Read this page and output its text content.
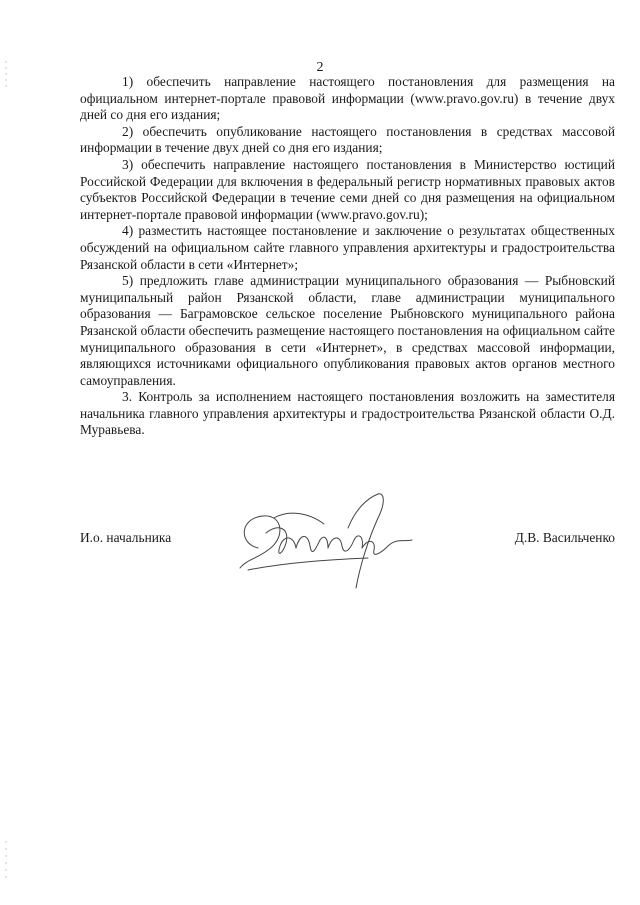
2

1) обеспечить направление настоящего постановления для размещения на официальном интернет-портале правовой информации (www.pravo.gov.ru) в течение двух дней со дня его издания;

2) обеспечить опубликование настоящего постановления в средствах массовой информации в течение двух дней со дня его издания;

3) обеспечить направление настоящего постановления в Министерство юстиций Российской Федерации для включения в федеральный регистр нормативных правовых актов субъектов Российской Федерации в течение семи дней со дня размещения на официальном интернет-портале правовой информации (www.pravo.gov.ru);

4) разместить настоящее постановление и заключение о результатах общественных обсуждений на официальном сайте главного управления архитектуры и градостроительства Рязанской области в сети «Интернет»;

5) предложить главе администрации муниципального образования — Рыбновский муниципальный район Рязанской области, главе администрации муниципального образования — Баграмовское сельское поселение Рыбновского муниципального района Рязанской области обеспечить размещение настоящего постановления на официальном сайте муниципального образования в сети «Интернет», в средствах массовой информации, являющихся источниками официального опубликования правовых актов органов местного самоуправления.

3. Контроль за исполнением настоящего постановления возложить на заместителя начальника главного управления архитектуры и градостроительства Рязанской области О.Д. Муравьева.

И.о. начальника	Д.В. Васильченко
